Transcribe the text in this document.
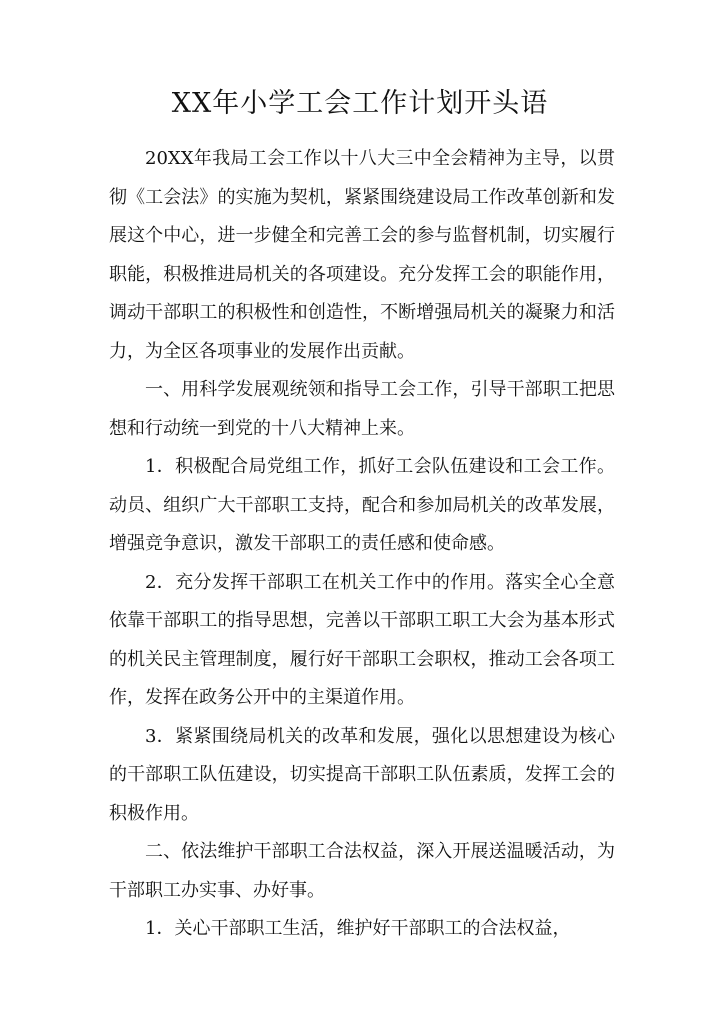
XX年小学工会工作计划开头语

20XX年我局工会工作以十八大三中全会精神为主导，以贯彻《工会法》的实施为契机，紧紧围绕建设局工作改革创新和发展这个中心，进一步健全和完善工会的参与监督机制，切实履行职能，积极推进局机关的各项建设。充分发挥工会的职能作用，调动干部职工的积极性和创造性，不断增强局机关的凝聚力和活力，为全区各项事业的发展作出贡献。

一、用科学发展观统领和指导工会工作，引导干部职工把思想和行动统一到党的十八大精神上来。

1．积极配合局党组工作，抓好工会队伍建设和工会工作。动员、组织广大干部职工支持，配合和参加局机关的改革发展，增强竞争意识，激发干部职工的责任感和使命感。

2．充分发挥干部职工在机关工作中的作用。落实全心全意依靠干部职工的指导思想，完善以干部职工职工大会为基本形式的机关民主管理制度，履行好干部职工会职权，推动工会各项工作，发挥在政务公开中的主渠道作用。

3．紧紧围绕局机关的改革和发展，强化以思想建设为核心的干部职工队伍建设，切实提高干部职工队伍素质，发挥工会的积极作用。

二、依法维护干部职工合法权益，深入开展送温暖活动，为干部职工办实事、办好事。

1．关心干部职工生活，维护好干部职工的合法权益，
